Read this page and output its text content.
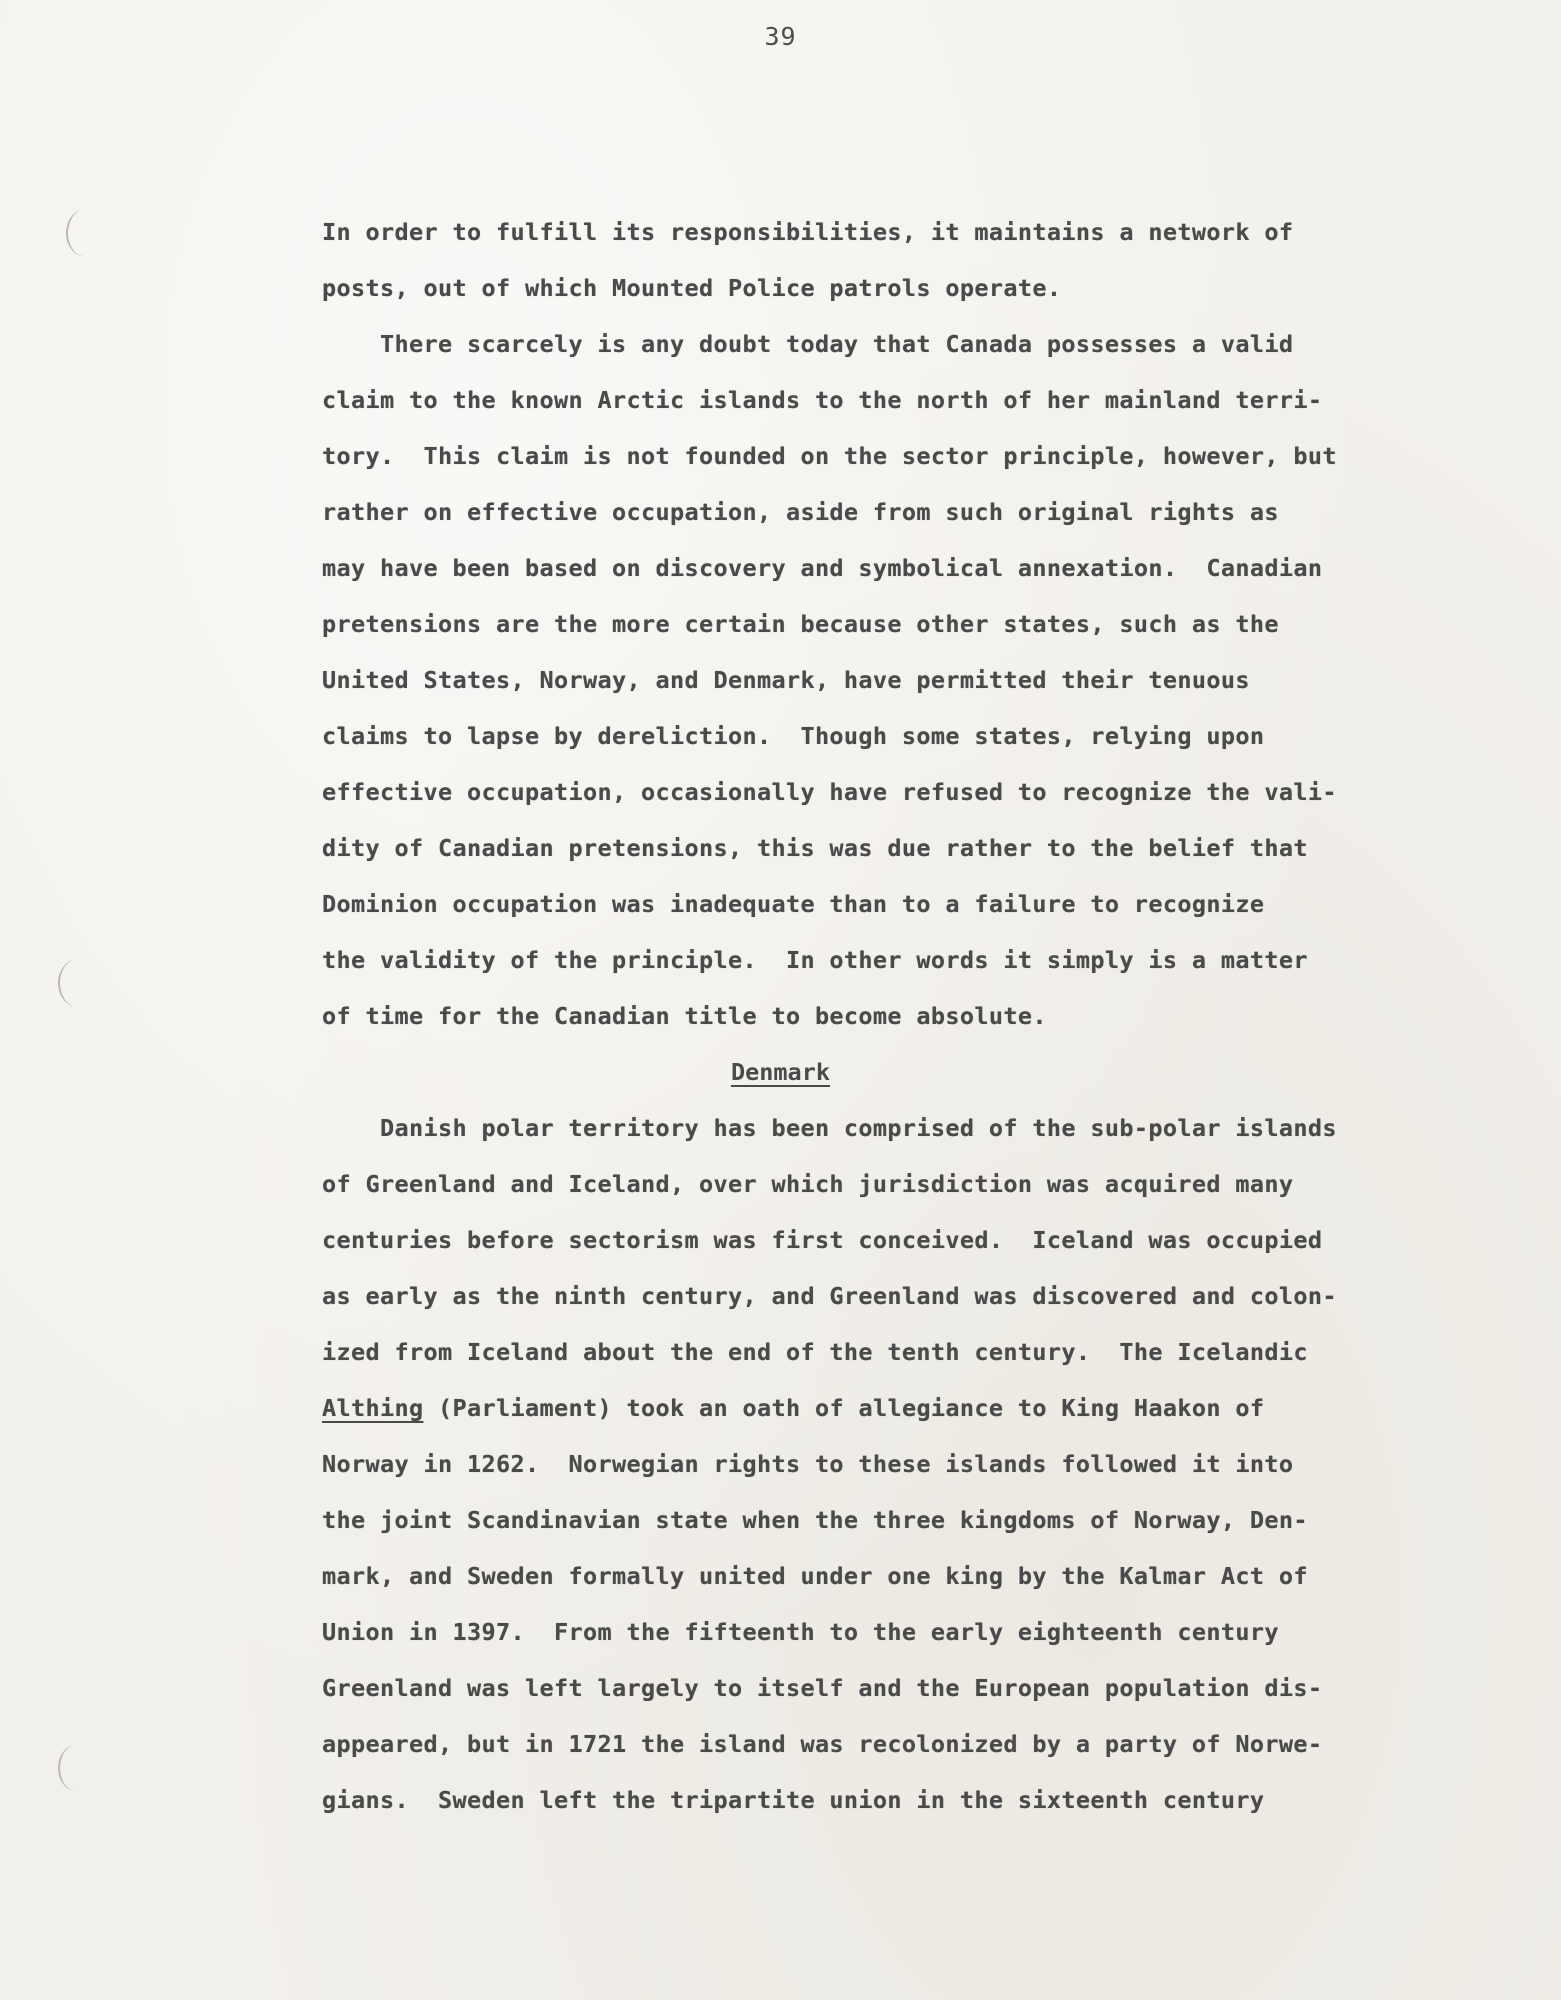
39
In order to fulfill its responsibilities, it maintains a network of
posts, out of which Mounted Police patrols operate.
There scarcely is any doubt today that Canada possesses a valid
claim to the known Arctic islands to the north of her mainland terri-
tory.  This claim is not founded on the sector principle, however, but
rather on effective occupation, aside from such original rights as
may have been based on discovery and symbolical annexation.  Canadian
pretensions are the more certain because other states, such as the
United States, Norway, and Denmark, have permitted their tenuous
claims to lapse by dereliction.  Though some states, relying upon
effective occupation, occasionally have refused to recognize the vali-
dity of Canadian pretensions, this was due rather to the belief that
Dominion occupation was inadequate than to a failure to recognize
the validity of the principle.  In other words it simply is a matter
of time for the Canadian title to become absolute.
Denmark
Danish polar territory has been comprised of the sub-polar islands
of Greenland and Iceland, over which jurisdiction was acquired many
centuries before sectorism was first conceived.  Iceland was occupied
as early as the ninth century, and Greenland was discovered and colon-
ized from Iceland about the end of the tenth century.  The Icelandic
Althing (Parliament) took an oath of allegiance to King Haakon of
Norway in 1262.  Norwegian rights to these islands followed it into
the joint Scandinavian state when the three kingdoms of Norway, Den-
mark, and Sweden formally united under one king by the Kalmar Act of
Union in 1397.  From the fifteenth to the early eighteenth century
Greenland was left largely to itself and the European population dis-
appeared, but in 1721 the island was recolonized by a party of Norwe-
gians.  Sweden left the tripartite union in the sixteenth century
